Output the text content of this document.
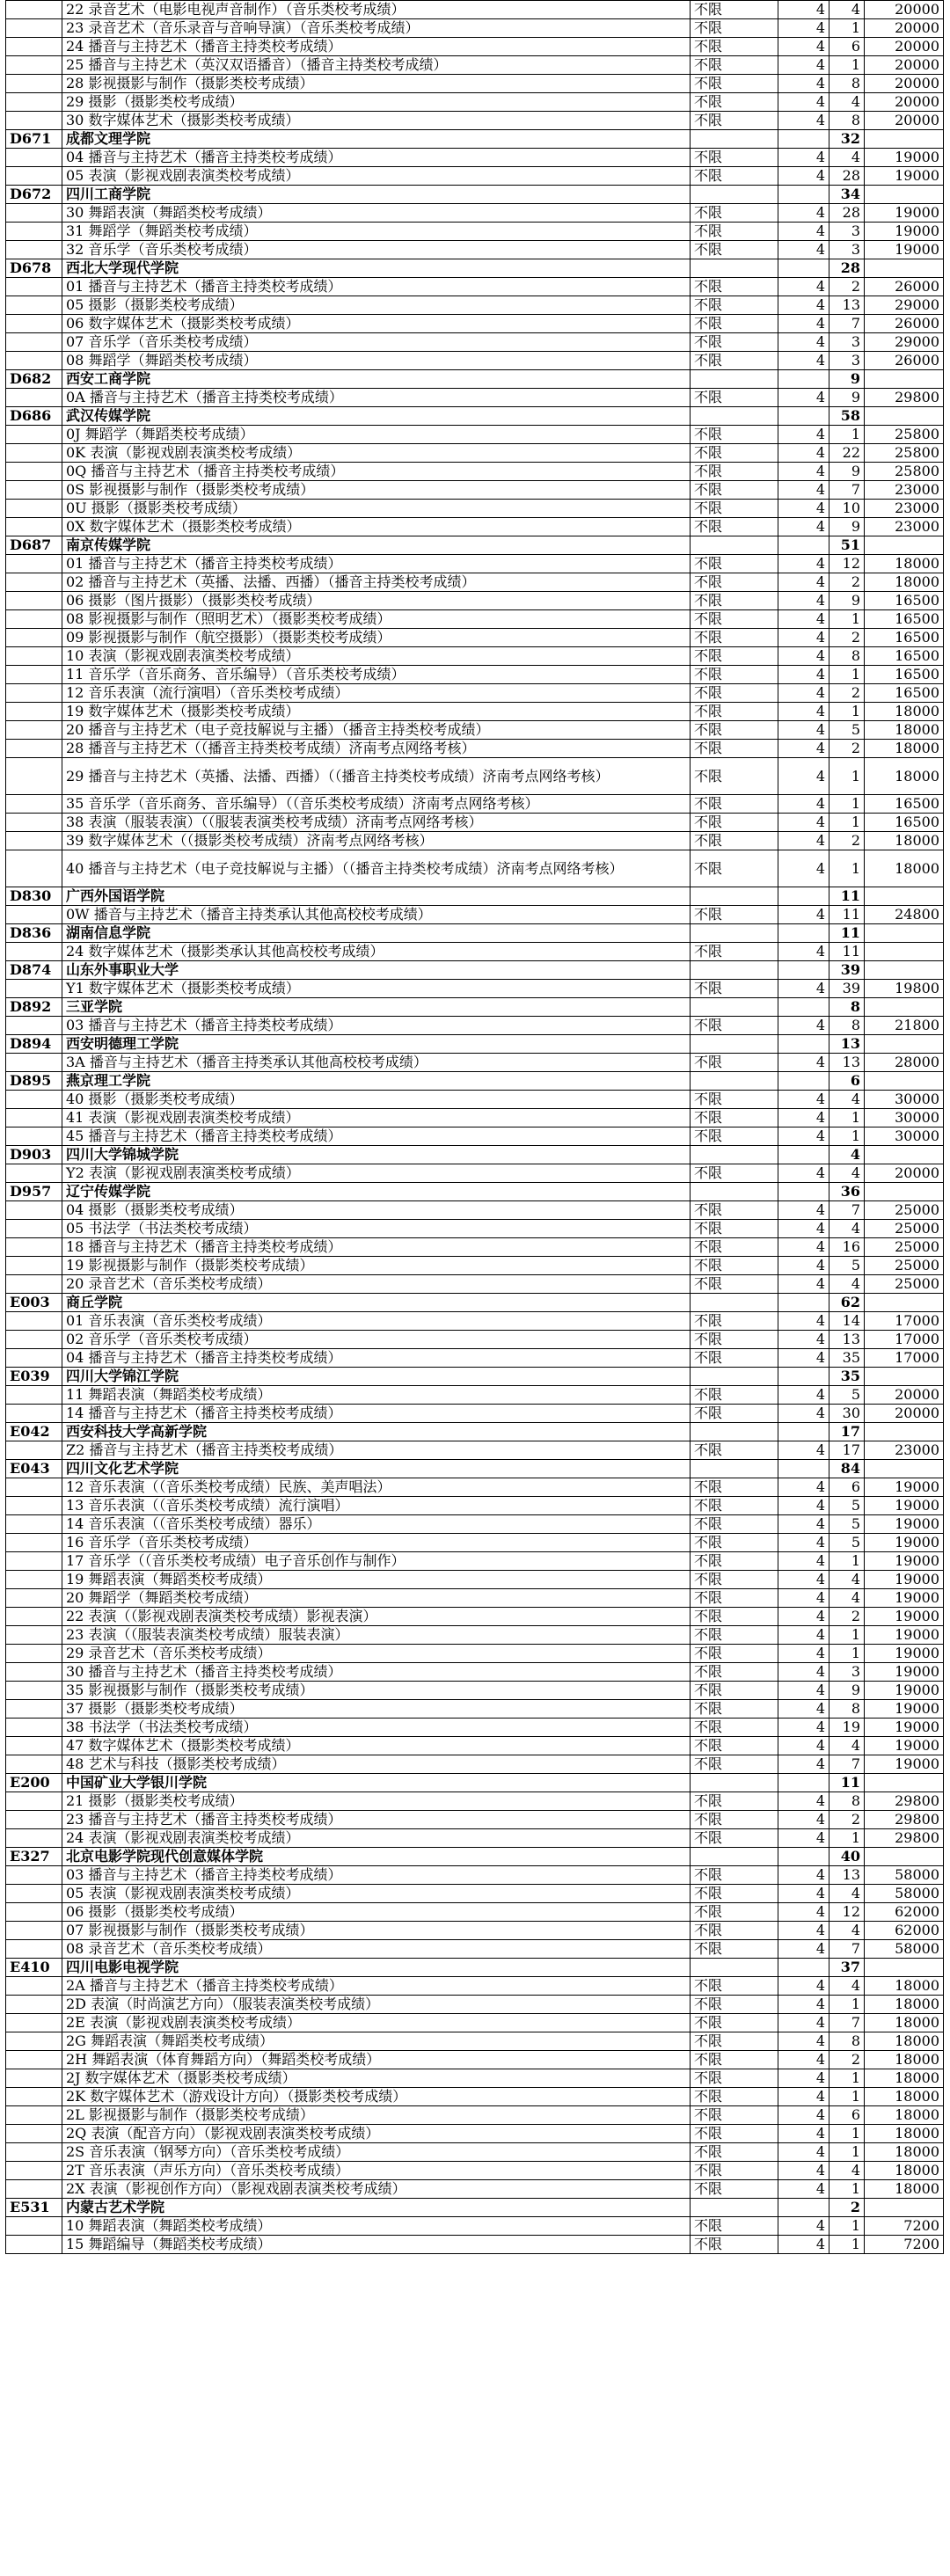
	22 录音艺术（电影电视声音制作）（音乐类校考成绩）	不限	4	4	20000
	23 录音艺术（音乐录音与音响导演）（音乐类校考成绩）	不限	4	1	20000
	24 播音与主持艺术（播音主持类校考成绩）	不限	4	6	20000
	25 播音与主持艺术（英汉双语播音）（播音主持类校考成绩）	不限	4	1	20000
	28 影视摄影与制作（摄影类校考成绩）	不限	4	8	20000
	29 摄影（摄影类校考成绩）	不限	4	4	20000
	30 数字媒体艺术（摄影类校考成绩）	不限	4	8	20000
D671	成都文理学院			32	
	04 播音与主持艺术（播音主持类校考成绩）	不限	4	4	19000
	05 表演（影视戏剧表演类校考成绩）	不限	4	28	19000
D672	四川工商学院			34	
	30 舞蹈表演（舞蹈类校考成绩）	不限	4	28	19000
	31 舞蹈学（舞蹈类校考成绩）	不限	4	3	19000
	32 音乐学（音乐类校考成绩）	不限	4	3	19000
D678	西北大学现代学院			28	
	01 播音与主持艺术（播音主持类校考成绩）	不限	4	2	26000
	05 摄影（摄影类校考成绩）	不限	4	13	29000
	06 数字媒体艺术（摄影类校考成绩）	不限	4	7	26000
	07 音乐学（音乐类校考成绩）	不限	4	3	29000
	08 舞蹈学（舞蹈类校考成绩）	不限	4	3	26000
D682	西安工商学院			9	
	0A 播音与主持艺术（播音主持类校考成绩）	不限	4	9	29800
D686	武汉传媒学院			58	
	0J 舞蹈学（舞蹈类校考成绩）	不限	4	1	25800
	0K 表演（影视戏剧表演类校考成绩）	不限	4	22	25800
	0Q 播音与主持艺术（播音主持类校考成绩）	不限	4	9	25800
	0S 影视摄影与制作（摄影类校考成绩）	不限	4	7	23000
	0U 摄影（摄影类校考成绩）	不限	4	10	23000
	0X 数字媒体艺术（摄影类校考成绩）	不限	4	9	23000
D687	南京传媒学院			51	
	01 播音与主持艺术（播音主持类校考成绩）	不限	4	12	18000
	02 播音与主持艺术（英播、法播、西播）（播音主持类校考成绩）	不限	4	2	18000
	06 摄影（图片摄影）（摄影类校考成绩）	不限	4	9	16500
	08 影视摄影与制作（照明艺术）（摄影类校考成绩）	不限	4	1	16500
	09 影视摄影与制作（航空摄影）（摄影类校考成绩）	不限	4	2	16500
	10 表演（影视戏剧表演类校考成绩）	不限	4	8	16500
	11 音乐学（音乐商务、音乐编导）（音乐类校考成绩）	不限	4	1	16500
	12 音乐表演（流行演唱）（音乐类校考成绩）	不限	4	2	16500
	19 数字媒体艺术（摄影类校考成绩）	不限	4	1	18000
	20 播音与主持艺术（电子竞技解说与主播）（播音主持类校考成绩）	不限	4	5	18000
	28 播音与主持艺术（（播音主持类校考成绩）济南考点网络考核）	不限	4	2	18000
	29 播音与主持艺术（英播、法播、西播）（（播音主持类校考成绩）济南考点网络考核）	不限	4	1	18000
	35 音乐学（音乐商务、音乐编导）（（音乐类校考成绩）济南考点网络考核）	不限	4	1	16500
	38 表演（服装表演）（（服装表演类校考成绩）济南考点网络考核）	不限	4	1	16500
	39 数字媒体艺术（（摄影类校考成绩）济南考点网络考核）	不限	4	2	18000
	40 播音与主持艺术（电子竞技解说与主播）（（播音主持类校考成绩）济南考点网络考核）	不限	4	1	18000
D830	广西外国语学院			11	
	0W 播音与主持艺术（播音主持类承认其他高校校考成绩）	不限	4	11	24800
D836	湖南信息学院			11	
	24 数字媒体艺术（摄影类承认其他高校校考成绩）	不限	4	11	
D874	山东外事职业大学			39	
	Y1 数字媒体艺术（摄影类校考成绩）	不限	4	39	19800
D892	三亚学院			8	
	03 播音与主持艺术（播音主持类校考成绩）	不限	4	8	21800
D894	西安明德理工学院			13	
	3A 播音与主持艺术（播音主持类承认其他高校校考成绩）	不限	4	13	28000
D895	燕京理工学院			6	
	40 摄影（摄影类校考成绩）	不限	4	4	30000
	41 表演（影视戏剧表演类校考成绩）	不限	4	1	30000
	45 播音与主持艺术（播音主持类校考成绩）	不限	4	1	30000
D903	四川大学锦城学院			4	
	Y2 表演（影视戏剧表演类校考成绩）	不限	4	4	20000
D957	辽宁传媒学院			36	
	04 摄影（摄影类校考成绩）	不限	4	7	25000
	05 书法学（书法类校考成绩）	不限	4	4	25000
	18 播音与主持艺术（播音主持类校考成绩）	不限	4	16	25000
	19 影视摄影与制作（摄影类校考成绩）	不限	4	5	25000
	20 录音艺术（音乐类校考成绩）	不限	4	4	25000
E003	商丘学院			62	
	01 音乐表演（音乐类校考成绩）	不限	4	14	17000
	02 音乐学（音乐类校考成绩）	不限	4	13	17000
	04 播音与主持艺术（播音主持类校考成绩）	不限	4	35	17000
E039	四川大学锦江学院			35	
	11 舞蹈表演（舞蹈类校考成绩）	不限	4	5	20000
	14 播音与主持艺术（播音主持类校考成绩）	不限	4	30	20000
E042	西安科技大学高新学院			17	
	Z2 播音与主持艺术（播音主持类校考成绩）	不限	4	17	23000
E043	四川文化艺术学院			84	
	12 音乐表演（（音乐类校考成绩）民族、美声唱法）	不限	4	6	19000
	13 音乐表演（（音乐类校考成绩）流行演唱）	不限	4	5	19000
	14 音乐表演（（音乐类校考成绩）器乐）	不限	4	5	19000
	16 音乐学（音乐类校考成绩）	不限	4	5	19000
	17 音乐学（（音乐类校考成绩）电子音乐创作与制作）	不限	4	1	19000
	19 舞蹈表演（舞蹈类校考成绩）	不限	4	4	19000
	20 舞蹈学（舞蹈类校考成绩）	不限	4	4	19000
	22 表演（（影视戏剧表演类校考成绩）影视表演）	不限	4	2	19000
	23 表演（（服装表演类校考成绩）服装表演）	不限	4	1	19000
	29 录音艺术（音乐类校考成绩）	不限	4	1	19000
	30 播音与主持艺术（播音主持类校考成绩）	不限	4	3	19000
	35 影视摄影与制作（摄影类校考成绩）	不限	4	9	19000
	37 摄影（摄影类校考成绩）	不限	4	8	19000
	38 书法学（书法类校考成绩）	不限	4	19	19000
	47 数字媒体艺术（摄影类校考成绩）	不限	4	4	19000
	48 艺术与科技（摄影类校考成绩）	不限	4	7	19000
E200	中国矿业大学银川学院			11	
	21 摄影（摄影类校考成绩）	不限	4	8	29800
	23 播音与主持艺术（播音主持类校考成绩）	不限	4	2	29800
	24 表演（影视戏剧表演类校考成绩）	不限	4	1	29800
E327	北京电影学院现代创意媒体学院			40	
	03 播音与主持艺术（播音主持类校考成绩）	不限	4	13	58000
	05 表演（影视戏剧表演类校考成绩）	不限	4	4	58000
	06 摄影（摄影类校考成绩）	不限	4	12	62000
	07 影视摄影与制作（摄影类校考成绩）	不限	4	4	62000
	08 录音艺术（音乐类校考成绩）	不限	4	7	58000
E410	四川电影电视学院			37	
	2A 播音与主持艺术（播音主持类校考成绩）	不限	4	4	18000
	2D 表演（时尚演艺方向）（服装表演类校考成绩）	不限	4	1	18000
	2E 表演（影视戏剧表演类校考成绩）	不限	4	7	18000
	2G 舞蹈表演（舞蹈类校考成绩）	不限	4	8	18000
	2H 舞蹈表演（体育舞蹈方向）（舞蹈类校考成绩）	不限	4	2	18000
	2J 数字媒体艺术（摄影类校考成绩）	不限	4	1	18000
	2K 数字媒体艺术（游戏设计方向）（摄影类校考成绩）	不限	4	1	18000
	2L 影视摄影与制作（摄影类校考成绩）	不限	4	6	18000
	2Q 表演（配音方向）（影视戏剧表演类校考成绩）	不限	4	1	18000
	2S 音乐表演（钢琴方向）（音乐类校考成绩）	不限	4	1	18000
	2T 音乐表演（声乐方向）（音乐类校考成绩）	不限	4	4	18000
	2X 表演（影视创作方向）（影视戏剧表演类校考成绩）	不限	4	1	18000
E531	内蒙古艺术学院			2	
	10 舞蹈表演（舞蹈类校考成绩）	不限	4	1	7200
	15 舞蹈编导（舞蹈类校考成绩）	不限	4	1	7200
